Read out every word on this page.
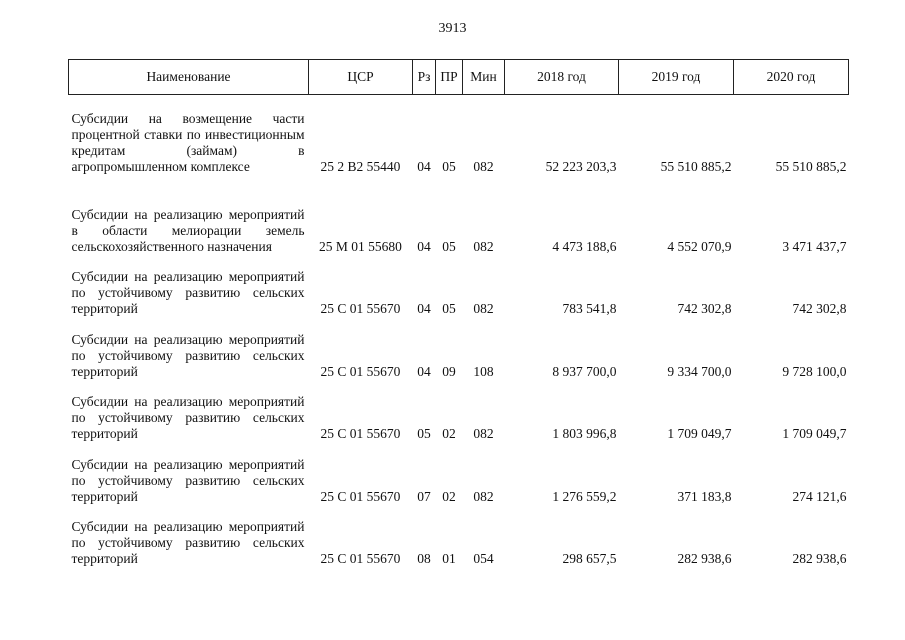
3913
Наименование	ЦСР	Рз	ПР	Мин	2018 год	2019 год	2020 год
Субсидии на возмещение части процентной ставки по инвестиционным кредитам (займам) в агропромышленном комплексе	25 2 В2 55440	04	05	082	52 223 203,3	55 510 885,2	55 510 885,2
Субсидии на реализацию мероприятий в области мелиорации земель сельскохозяйственного назначения	25 М 01 55680	04	05	082	4 473 188,6	4 552 070,9	3 471 437,7
Субсидии на реализацию мероприятий по устойчивому развитию сельских территорий	25 С 01 55670	04	05	082	783 541,8	742 302,8	742 302,8
Субсидии на реализацию мероприятий по устойчивому развитию сельских территорий	25 С 01 55670	04	09	108	8 937 700,0	9 334 700,0	9 728 100,0
Субсидии на реализацию мероприятий по устойчивому развитию сельских территорий	25 С 01 55670	05	02	082	1 803 996,8	1 709 049,7	1 709 049,7
Субсидии на реализацию мероприятий по устойчивому развитию сельских территорий	25 С 01 55670	07	02	082	1 276 559,2	371 183,8	274 121,6
Субсидии на реализацию мероприятий по устойчивому развитию сельских территорий	25 С 01 55670	08	01	054	298 657,5	282 938,6	282 938,6
